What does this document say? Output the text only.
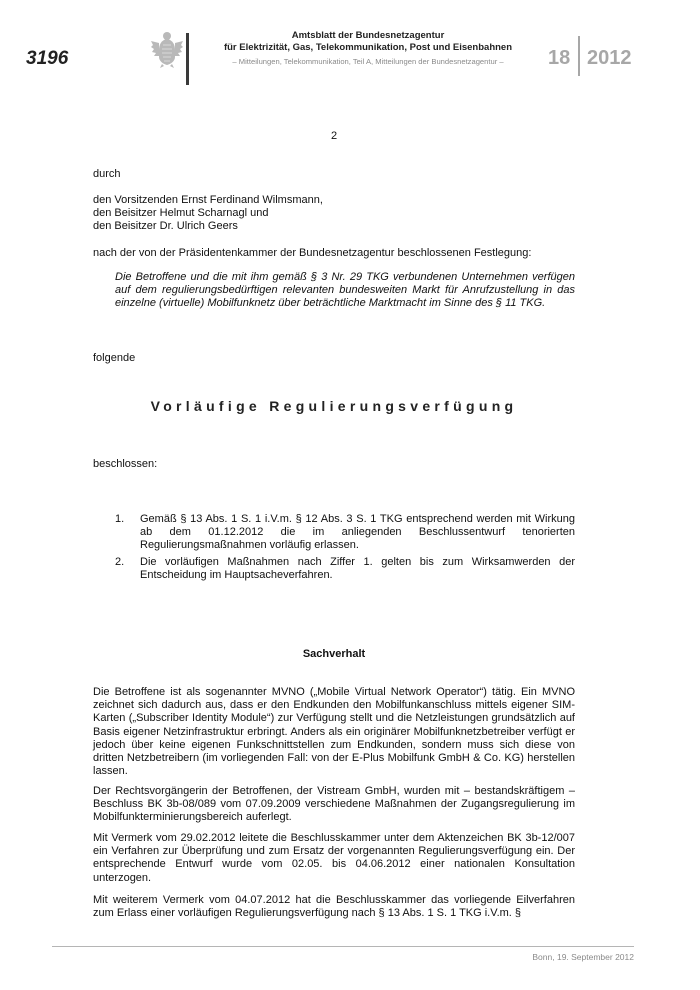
3196
Amtsblatt der Bundesnetzagentur
für Elektrizität, Gas, Telekommunikation, Post und Eisenbahnen
– Mitteilungen, Telekommunikation, Teil A, Mitteilungen der Bundesnetzagentur –	18 2012
2

durch

den Vorsitzenden Ernst Ferdinand Wilmsmann,
den Beisitzer Helmut Scharnagl und
den Beisitzer Dr. Ulrich Geers

nach der von der Präsidentenkammer der Bundesnetzagentur beschlossenen Festlegung:

Die Betroffene und die mit ihm gemäß § 3 Nr. 29 TKG verbundenen Unternehmen verfügen auf dem regulierungsbedürftigen relevanten bundesweiten Markt für Anrufzustellung in das einzelne (virtuelle) Mobilfunknetz über beträchtliche Marktmacht im Sinne des § 11 TKG.

folgende

Vorläufige Regulierungsverfügung

beschlossen:

1. Gemäß § 13 Abs. 1 S. 1 i.V.m. § 12 Abs. 3 S. 1 TKG entsprechend werden mit Wirkung ab dem 01.12.2012 die im anliegenden Beschlussentwurf tenorierten Regulierungsmaßnahmen vorläufig erlassen.

2. Die vorläufigen Maßnahmen nach Ziffer 1. gelten bis zum Wirksamwerden der Entscheidung im Hauptsacheverfahren.

Sachverhalt

Die Betroffene ist als sogenannter MVNO („Mobile Virtual Network Operator“) tätig. Ein MVNO zeichnet sich dadurch aus, dass er den Endkunden den Mobilfunkanschluss mittels eigener SIM-Karten („Subscriber Identity Module“) zur Verfügung stellt und die Netzleistungen grundsätzlich auf Basis eigener Netzinfrastruktur erbringt. Anders als ein originärer Mobilfunknetzbetreiber verfügt er jedoch über keine eigenen Funkschnittstellen zum Endkunden, sondern muss sich diese von dritten Netzbetreibern (im vorliegenden Fall: von der E-Plus Mobilfunk GmbH & Co. KG) herstellen lassen.

Der Rechtsvorgängerin der Betroffenen, der Vistream GmbH, wurden mit – bestandskräftigem – Beschluss BK 3b-08/089 vom 07.09.2009 verschiedene Maßnahmen der Zugangsregulierung im Mobilfunkterminierungsbereich auferlegt.

Mit Vermerk vom 29.02.2012 leitete die Beschlusskammer unter dem Aktenzeichen BK 3b-12/007 ein Verfahren zur Überprüfung und zum Ersatz der vorgenannten Regulierungsverfügung ein. Der entsprechende Entwurf wurde vom 02.05. bis 04.06.2012 einer nationalen Konsultation unterzogen.

Mit weiterem Vermerk vom 04.07.2012 hat die Beschlusskammer das vorliegende Eilverfahren zum Erlass einer vorläufigen Regulierungsverfügung nach § 13 Abs. 1 S. 1 TKG i.V.m. §

Bonn, 19. September 2012
